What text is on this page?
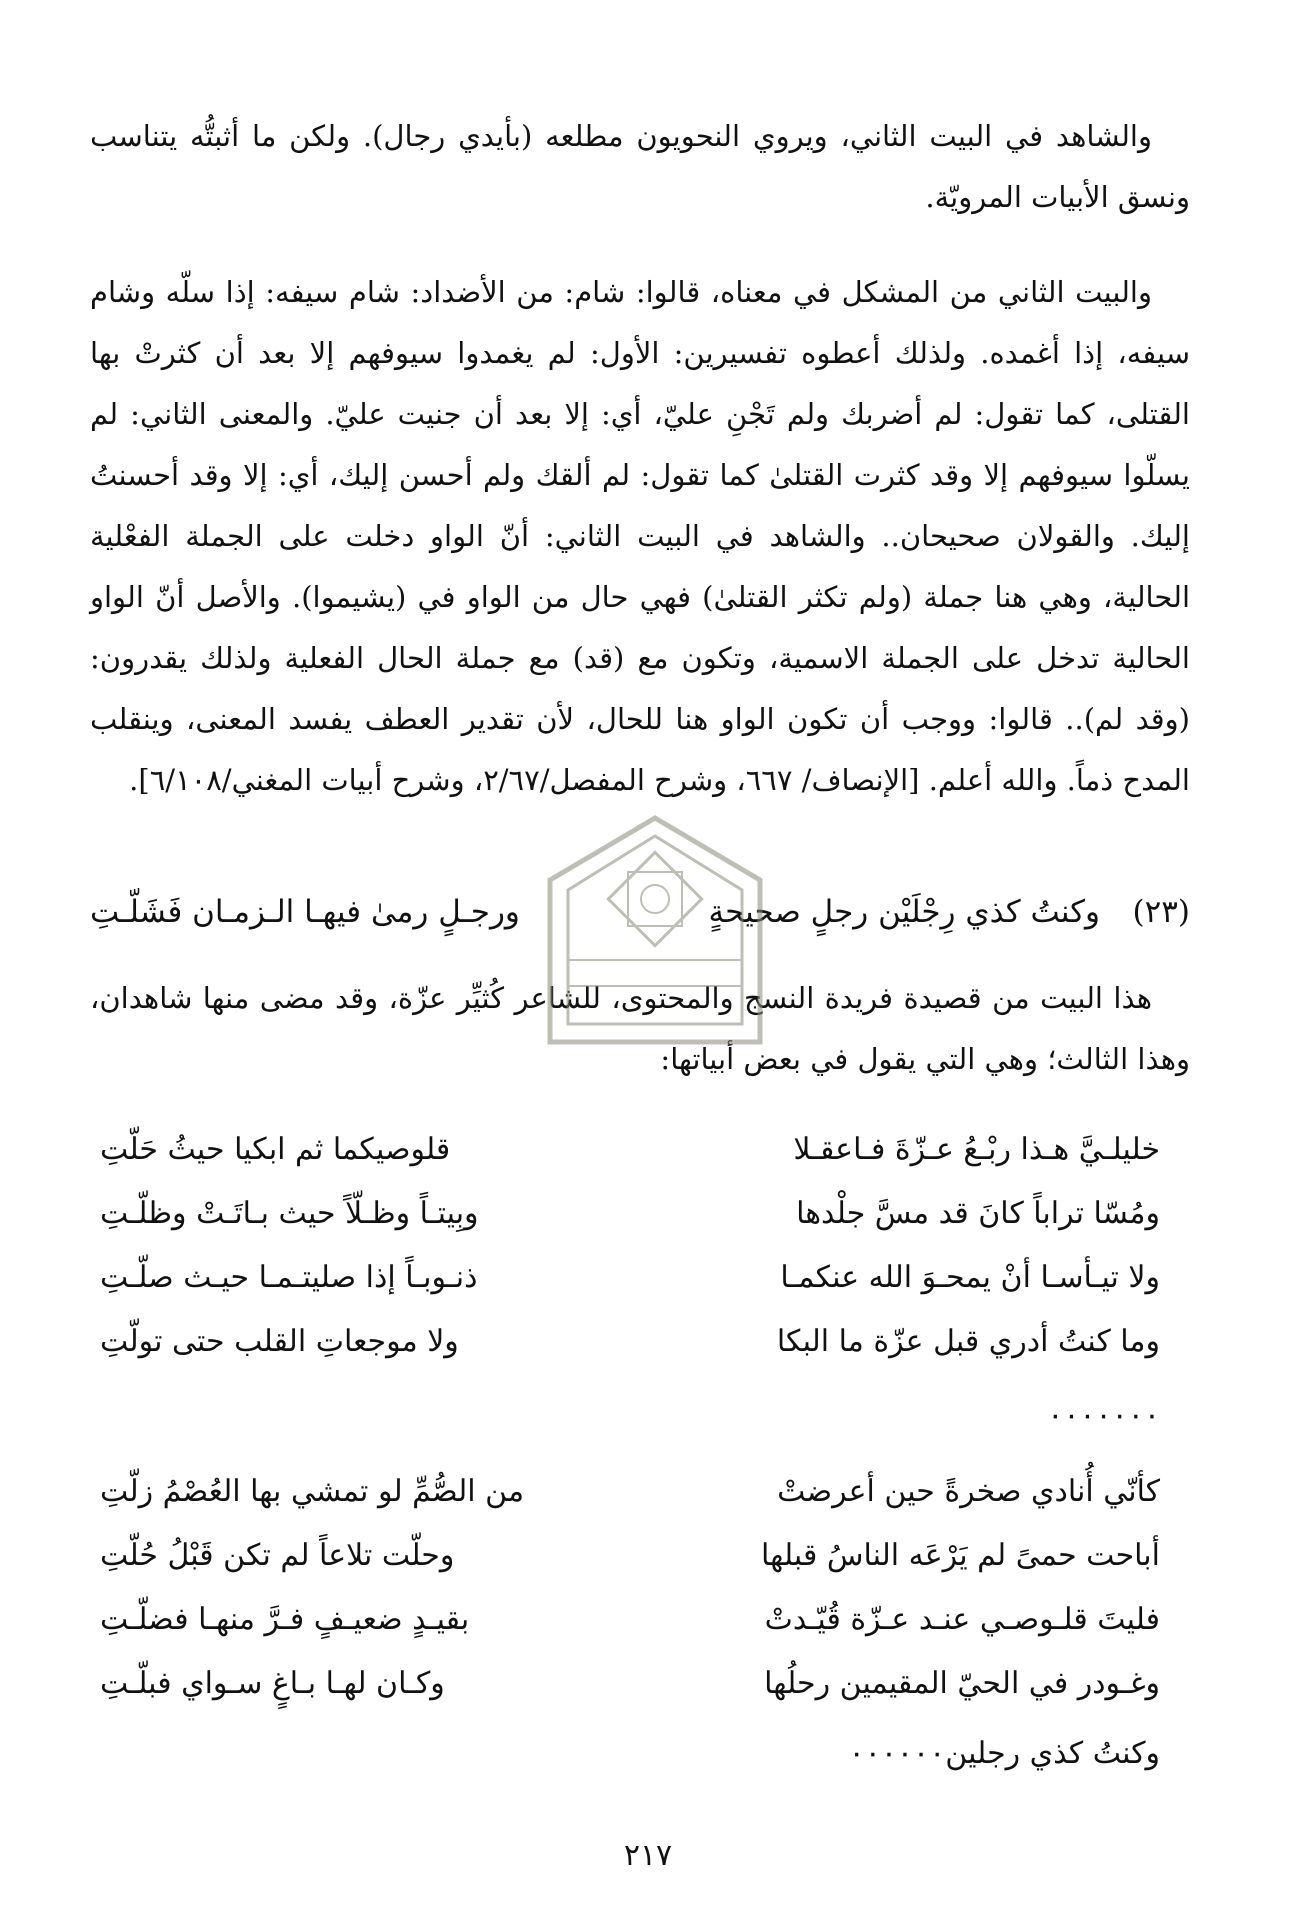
والشاهد في البيت الثاني، ويروي النحويون مطلعه (بأيدي رجال). ولكن ما أثبتُّه يتناسب ونسق الأبيات المرويّة.

والبيت الثاني من المشكل في معناه، قالوا: شام: من الأضداد: شام سيفه: إذا سلّه وشام سيفه، إذا أغمده. ولذلك أعطوه تفسيرين: الأول: لم يغمدوا سيوفهم إلا بعد أن كثرتْ بها القتلى، كما تقول: لم أضربك ولم تَجْنِ عليّ، أي: إلا بعد أن جنيت عليّ. والمعنى الثاني: لم يسلّوا سيوفهم إلا وقد كثرت القتلىٰ كما تقول: لم ألقك ولم أحسن إليك، أي: إلا وقد أحسنتُ إليك. والقولان صحيحان.. والشاهد في البيت الثاني: أنّ الواو دخلت على الجملة الفعْلية الحالية، وهي هنا جملة (ولم تكثر القتلىٰ) فهي حال من الواو في (يشيموا). والأصل أنّ الواو الحالية تدخل على الجملة الاسمية، وتكون مع (قد) مع جملة الحال الفعلية ولذلك يقدرون: (وقد لم).. قالوا: ووجب أن تكون الواو هنا للحال، لأن تقدير العطف يفسد المعنى، وينقلب المدح ذماً. والله أعلم. [الإنصاف/ ٦٦٧، وشرح المفصل/٢/٦٧، وشرح أبيات المغني/٦/١٠٨].

(٢٣)
وكنتُ كذي رِجْلَيْن رجلٍ صحيحةٍ
ورجـلٍ رمىٰ فيهـا الـزمـان فَشَلّـتِ

هذا البيت من قصيدة فريدة النسج والمحتوى، للشاعر كُثيِّر عزّة، وقد مضى منها شاهدان، وهذا الثالث؛ وهي التي يقول في بعض أبياتها:

خليلـيَّ هـذا ربْـعُ عـزّةَ فـاعقـلا
قلوصيكما ثم ابكيا حيثُ حَلّتِ
ومُسّا تراباً كانَ قد مسَّ جلْدها
وبِيتـاً وظـلّاً حيث بـاتَـتْ وظلّـتِ
ولا تيـأسـا أنْ يمحـوَ الله عنكمـا
ذنـوبـاً إذا صليتـمـا حيـث صلّـتِ
وما كنتُ أدري قبل عزّة ما البكا
ولا موجعاتِ القلب حتى تولّتِ
٠٠٠٠٠٠٠
كأنّي أُنادي صخرةً حين أعرضتْ
من الصُّمِّ لو تمشي بها العُصْمُ زلّتِ
أباحت حمىً لم يَرْعَه الناسُ قبلها
وحلّت تلاعاً لم تكن قَبْلُ حُلّتِ
فليتَ قلـوصـي عنـد عـزّة قُيّـدتْ
بقيـدٍ ضعيـفٍ فـرَّ منهـا فضلّـتِ
وغـودر في الحيّ المقيمين رحلُها
وكـان لهـا بـاغٍ سـواي فبلّـتِ
وكنتُ كذي رجلين٠٠٠٠٠٠
٢١٧
